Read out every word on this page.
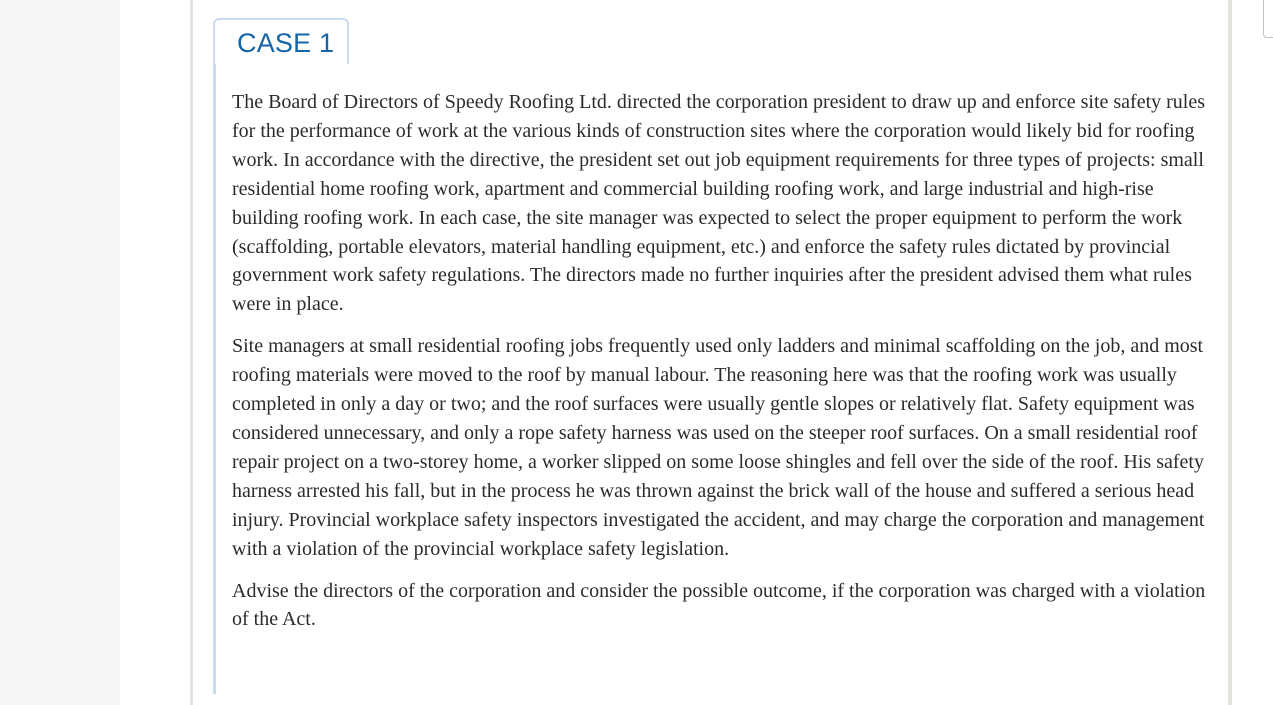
CASE 1

The Board of Directors of Speedy Roofing Ltd. directed the corporation president to draw up and enforce site safety rules for the performance of work at the various kinds of construction sites where the corporation would likely bid for roofing work. In accordance with the directive, the president set out job equipment requirements for three types of projects: small residential home roofing work, apartment and commercial building roofing work, and large industrial and high-rise building roofing work. In each case, the site manager was expected to select the proper equipment to perform the work (scaffolding, portable elevators, material handling equipment, etc.) and enforce the safety rules dictated by provincial government work safety regulations. The directors made no further inquiries after the president advised them what rules were in place.

Site managers at small residential roofing jobs frequently used only ladders and minimal scaffolding on the job, and most roofing materials were moved to the roof by manual labour. The reasoning here was that the roofing work was usually completed in only a day or two; and the roof surfaces were usually gentle slopes or relatively flat. Safety equipment was considered unnecessary, and only a rope safety harness was used on the steeper roof surfaces. On a small residential roof repair project on a two-storey home, a worker slipped on some loose shingles and fell over the side of the roof. His safety harness arrested his fall, but in the process he was thrown against the brick wall of the house and suffered a serious head injury. Provincial workplace safety inspectors investigated the accident, and may charge the corporation and management with a violation of the provincial workplace safety legislation.

Advise the directors of the corporation and consider the possible outcome, if the corporation was charged with a violation of the Act.
